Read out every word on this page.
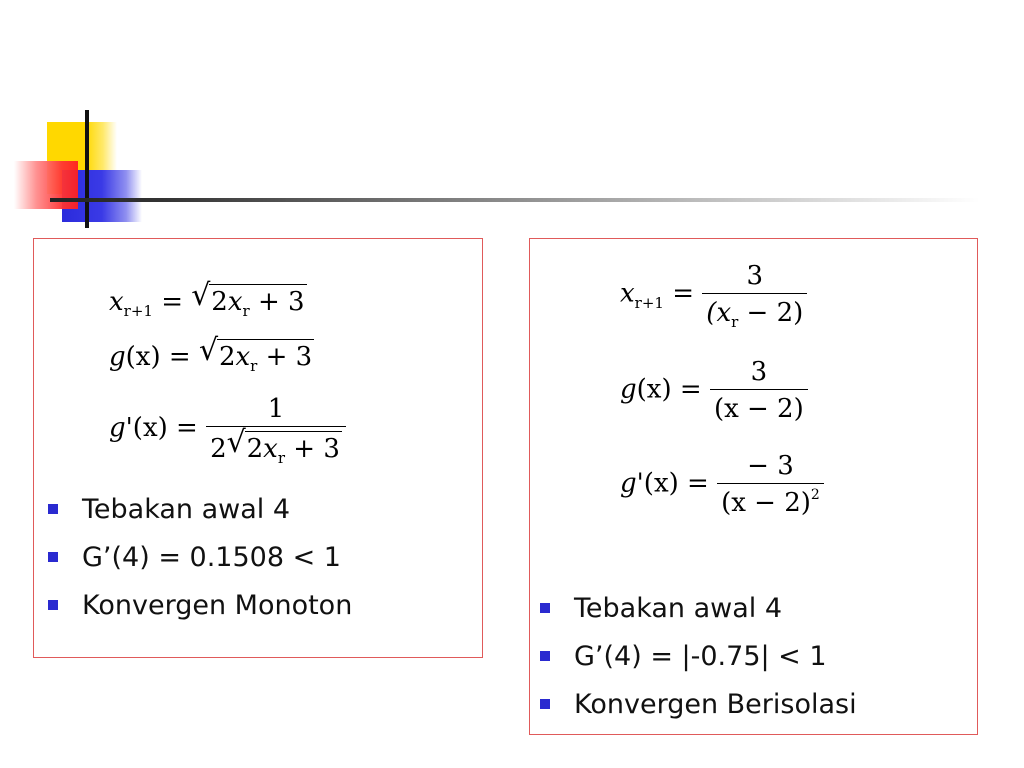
$x_{r+1}$ = √ $2x_r + 3$
g(x) = √ $2x_r + 3$
$g'(x) = \frac{1}{2 √ 2x_r + 3}$
Tebakan awal 4
G’(4) = 0.1508 < 1
Konvergen Monoton
$x_{r+1} = \frac{3}{(x_r - 2)}$
$g(x) = \frac{3}{(x - 2)}$
$g'(x) = \frac{- 3}{(x - 2)^2}$
Tebakan awal 4
G’(4) = |-0.75| < 1
Konvergen Berisolasi
